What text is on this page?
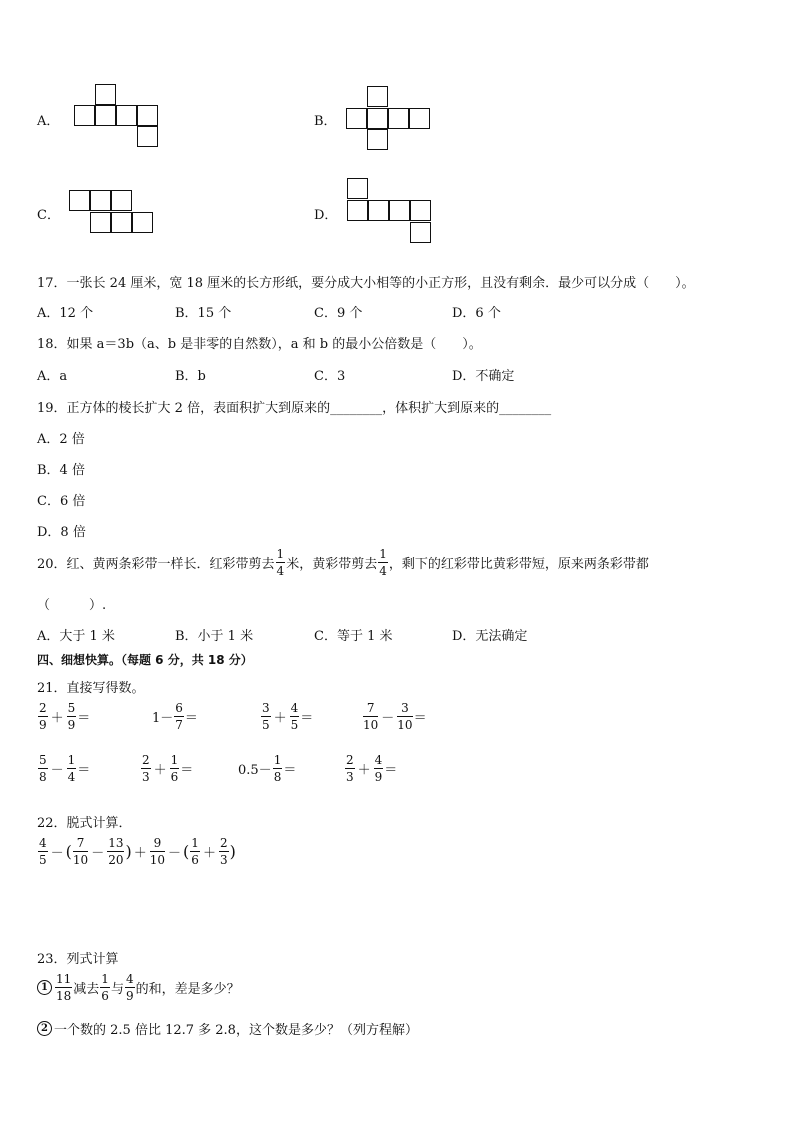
A．	B．
C．	D．
17．一张长 24 厘米，宽 18 厘米的长方形纸，要分成大小相等的小正方形，且没有剩余．最少可以分成（　　）。
A．12 个	B．15 个	C．9 个	D．6 个
18．如果 a＝3b（a、b 是非零的自然数），a 和 b 的最小公倍数是（　　）。
A．a	B．b	C．3	D．不确定
19．正方体的棱长扩大 2 倍，表面积扩大到原来的________，体积扩大到原来的________
A．2 倍
B．4 倍
C．6 倍
D．8 倍
20．红、黄两条彩带一样长．红彩带剪去 $\frac{1}{4}$ 米，黄彩带剪去 $\frac{1}{4}$ ，剩下的红彩带比黄彩带短，原来两条彩带都
（　　　）.
A．大于 1 米	B．小于 1 米	C．等于 1 米	D．无法确定
四、细想快算。（每题 6 分，共 18 分）
21．直接写得数。
$\frac{2}{9} + \frac{5}{9}$ ＝	$1- \frac{6}{7}$ ＝	$\frac{3}{5} + \frac{4}{5}$ ＝	$\frac{7}{10} - \frac{3}{10}$ ＝
$\frac{5}{8} - \frac{1}{4}$ ＝	$\frac{2}{3} + \frac{1}{6}$ ＝	$0.5- \frac{1}{8}$ ＝	$\frac{2}{3} + \frac{4}{9}$ ＝
22．脱式计算．
$\frac{4}{5}$ － ( $\frac{7}{10} - \frac{13}{20}$ ) ＋ $\frac{9}{10}$ － ( $\frac{1}{6} + \frac{2}{3}$ )
23．列式计算
$1 \frac{11}{18}$ 减去 $\frac{1}{6}$ 与 $\frac{4}{9}$ 的和，差是多少？
2 一个数的 2.5 倍比 12.7 多 2.8，这个数是多少？（列方程解）
